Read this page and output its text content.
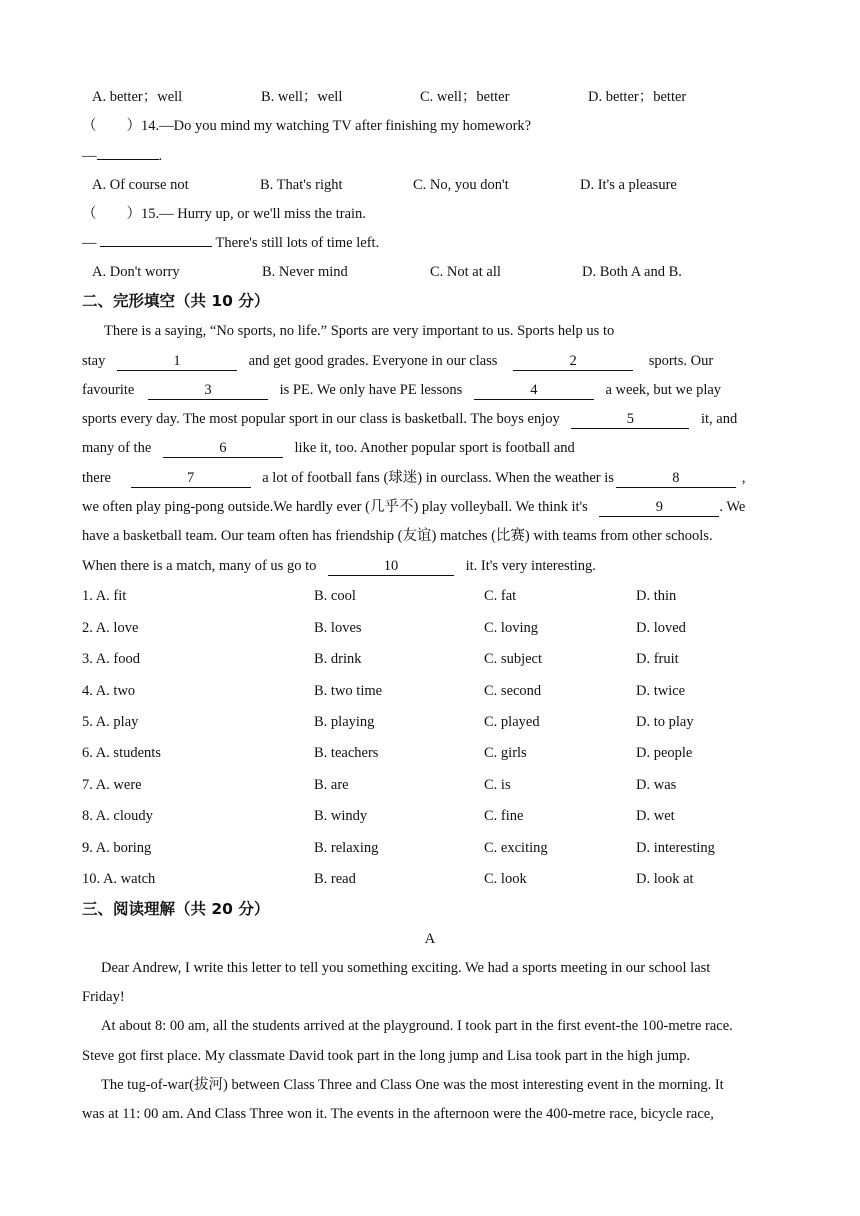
A. better；well	B. well；well	C. well；better	D. better；better
（ ）14.—Do you mind my watching TV after finishing my homework?
—	.
A. Of course not	B. That's right	C. No, you don't	D. It's a pleasure
（ ）15.— Hurry up, or we'll miss the train.
—	There's still lots of time left.
A. Don't worry	B. Never mind	C. Not at all	D. Both A and B.
二、完形填空（共 10 分）
There is a saying, “No sports, no life.” Sports are very important to us. Sports help us to
stay	1	and get good grades. Everyone in our class	2	sports. Our
favourite	3	is PE. We only have PE lessons	4	a week, but we play
sports every day. The most popular sport in our class is basketball. The boys enjoy	5	it, and
many of the	6	like it, too. Another popular sport is football and
there	7	a lot of football fans (球迷) in ourclass. When the weather is	8	,
we often play ping-pong outside.We hardly ever (几乎不) play volleyball. We think it's	9	. We
have a basketball team. Our team often has friendship (友谊) matches (比赛) with teams from other schools.
When there is a match, many of us go to	10	it. It's very interesting.
1. A. fit	B. cool	C. fat	D. thin
2. A. love	B. loves	C. loving	D. loved
3. A. food	B. drink	C. subject	D. fruit
4. A. two	B. two time	C. second	D. twice
5. A. play	B. playing	C. played	D. to play
6. A. students	B. teachers	C. girls	D. people
7. A. were	B. are	C. is	D. was
8. A. cloudy	B. windy	C. fine	D. wet
9. A. boring	B. relaxing	C. exciting	D. interesting
10. A. watch	B. read	C. look	D. look at
三、阅读理解（共 20 分）
A
Dear Andrew, I write this letter to tell you something exciting. We had a sports meeting in our school last
Friday!
At about 8: 00 am, all the students arrived at the playground. I took part in the first event-the 100-metre race.
Steve got first place. My classmate David took part in the long jump and Lisa took part in the high jump.
The tug-of-war(拔河) between Class Three and Class One was the most interesting event in the morning. It
was at 11: 00 am. And Class Three won it. The events in the afternoon were the 400-metre race, bicycle race,
